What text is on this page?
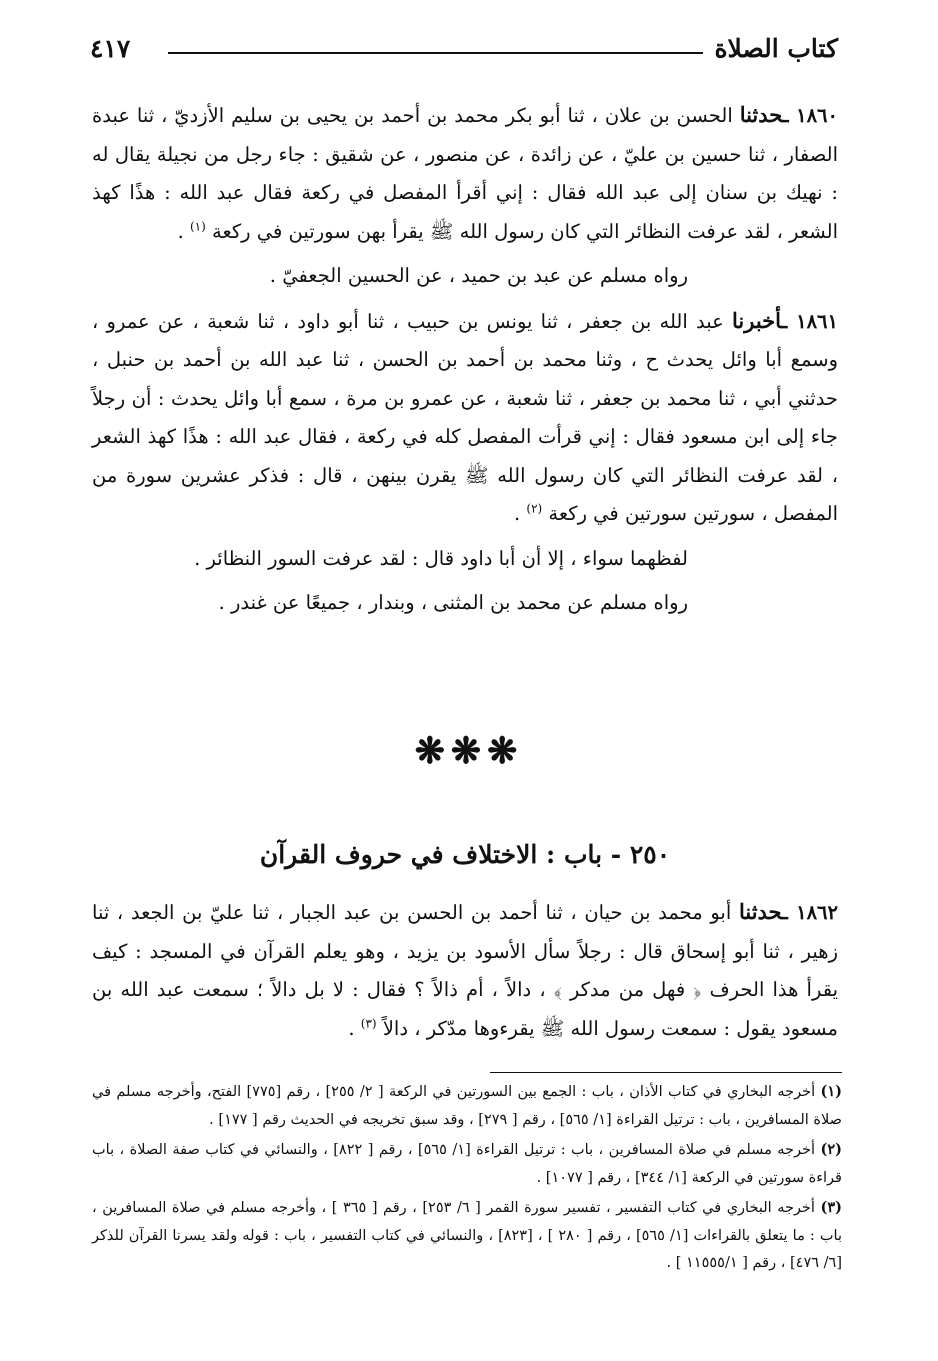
كتاب الصلاة
٤١٧

١٨٦٠ ـحدثنا الحسن بن علان ، ثنا أبو بكر محمد بن أحمد بن يحيى بن سليم الأزديّ ، ثنا عبدة الصفار ، ثنا حسين بن عليّ ، عن زائدة ، عن منصور ، عن شقيق : جاء رجل من نجيلة يقال له : نهيك بن سنان إلى عبد الله فقال : إني أقرأ المفصل في ركعة فقال عبد الله : هذًا كهذ الشعر ، لقد عرفت النظائر التي كان رسول الله ﷺ يقرأ بهن سورتين في ركعة $^{(١)}$ .

رواه مسلم عن عبد بن حميد ، عن الحسين الجعفيّ .

١٨٦١ ـأخبرنا عبد الله بن جعفر ، ثنا يونس بن حبيب ، ثنا أبو داود ، ثنا شعبة ، عن عمرو ، وسمع أبا وائل يحدث ح ، وثنا محمد بن أحمد بن الحسن ، ثنا عبد الله بن أحمد بن حنبل ، حدثني أبي ، ثنا محمد بن جعفر ، ثنا شعبة ، عن عمرو بن مرة ، سمع أبا وائل يحدث : أن رجلاً جاء إلى ابن مسعود فقال : إني قرأت المفصل كله في ركعة ، فقال عبد الله : هذًا كهذ الشعر ، لقد عرفت النظائر التي كان رسول الله ﷺ يقرن بينهن ، قال : فذكر عشرين سورة من المفصل ، سورتين سورتين في ركعة $^{(٢)}$ .

لفظهما سواء ، إلا أن أبا داود قال : لقد عرفت السور النظائر .

رواه مسلم عن محمد بن المثنى ، وبندار ، جميعًا عن غندر .

❋❋❋
٢٥٠ - باب : الاختلاف في حروف القرآن

١٨٦٢ ـحدثنا أبو محمد بن حيان ، ثنا أحمد بن الحسن بن عبد الجبار ، ثنا عليّ بن الجعد ، ثنا زهير ، ثنا أبو إسحاق قال : رجلاً سأل الأسود بن يزيد ، وهو يعلم القرآن في المسجد : كيف يقرأ هذا الحرف ﴿ فهل من مدكر ﴾ ، دالاً ، أم ذالاً ؟ فقال : لا بل دالاً ؛ سمعت عبد الله بن مسعود يقول : سمعت رسول الله ﷺ يقرءوها مدّكر ، دالاً $^{(٣)}$ .

(١) أخرجه البخاري في كتاب الأذان ، باب : الجمع بين السورتين في الركعة [ ٢/ ٢٥٥] ، رقم [٧٧٥] الفتح، وأخرجه مسلم في صلاة المسافرين ، باب : ترتيل القراءة [١/ ٥٦٥] ، رقم [ ٢٧٩] ، وقد سبق تخريجه في الحديث رقم [ ١٧٧] .

(٢) أخرجه مسلم في صلاة المسافرين ، باب : ترتيل القراءة [١/ ٥٦٥] ، رقم [ ٨٢٢] ، والنسائي في كتاب صفة الصلاة ، باب قراءة سورتين في الركعة [١/ ٣٤٤] ، رقم [ ١٠٧٧] .

(٣) أخرجه البخاري في كتاب التفسير ، تفسير سورة القمر [ ٦/ ٢٥٣] ، رقم [ ٣٦٥ ] ، وأخرجه مسلم في صلاة المسافرين ، باب : ما يتعلق بالقراءات [١/ ٥٦٥] ، رقم [ ٢٨٠ ] ، [٨٢٣] ، والنسائي في كتاب التفسير ، باب : قوله ولقد يسرنا القرآن للذكر [٦/ ٤٧٦] ، رقم [ ١١٥٥٥/١ ] .
